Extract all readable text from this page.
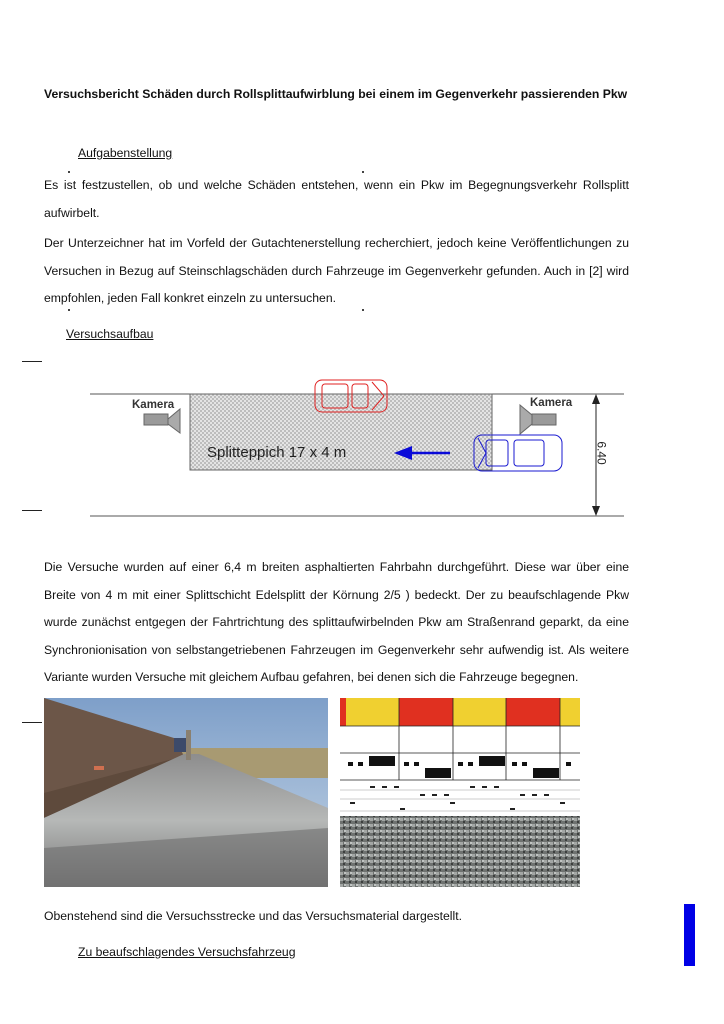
Versuchsbericht Schäden durch Rollsplittaufwirblung bei einem im Gegenverkehr passierenden Pkw

Aufgabenstellung

Es ist festzustellen, ob und welche Schäden entstehen, wenn ein Pkw im Begegnungsverkehr Rollsplitt aufwirbelt.

Der Unterzeichner hat im Vorfeld der Gutachtenerstellung recherchiert, jedoch keine Veröffentlichungen zu Versuchen in Bezug auf Steinschlagschäden durch Fahrzeuge im Gegenverkehr gefunden. Auch in [2] wird empfohlen, jeden Fall konkret einzeln zu untersuchen.

Versuchsaufbau

Kamera	Kamera
Splitteppich 17 x 4 m	6.40

Die Versuche wurden auf einer 6,4 m breiten asphaltierten Fahrbahn durchgeführt. Diese war über eine Breite von 4 m mit einer Splittschicht Edelsplitt der Körnung 2/5 ) bedeckt. Der zu beaufschlagende Pkw wurde zunächst entgegen der Fahrtrichtung des splittaufwirbelnden Pkw am Straßenrand geparkt, da eine Synchronionisation von selbstangetriebenen Fahrzeugen im Gegenverkehr sehr aufwendig ist. Als weitere Variante wurden Versuche mit gleichem Aufbau gefahren, bei denen sich die Fahrzeuge begegnen.

Obenstehend sind die Versuchsstrecke und das Versuchsmaterial dargestellt.

Zu beaufschlagendes Versuchsfahrzeug
